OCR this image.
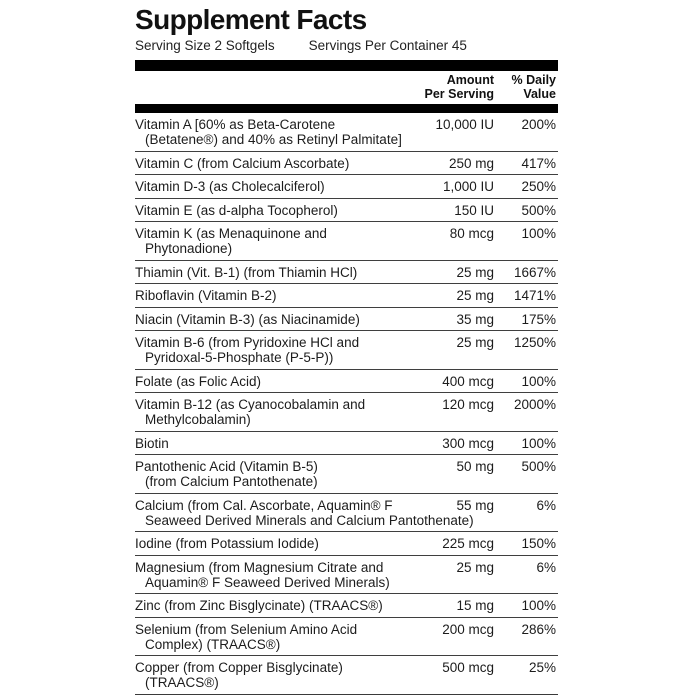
Supplement Facts
Serving Size 2 Softgels	Servings Per Container 45
Amount
Per Serving
% Daily
Value
Vitamin A [60% as Beta-Carotene	10,000 IU	200%
(Betatene®) and 40% as Retinyl Palmitate]
Vitamin C (from Calcium Ascorbate)	250 mg	417%
Vitamin D-3 (as Cholecalciferol)	1,000 IU	250%
Vitamin E (as d-alpha Tocopherol)	150 IU	500%
Vitamin K (as Menaquinone and	80 mcg	100%
Phytonadione)
Thiamin (Vit. B-1) (from Thiamin HCl)	25 mg	1667%
Riboflavin (Vitamin B-2)	25 mg	1471%
Niacin (Vitamin B-3) (as Niacinamide)	35 mg	175%
Vitamin B-6 (from Pyridoxine HCl and	25 mg	1250%
Pyridoxal-5-Phosphate (P-5-P))
Folate (as Folic Acid)	400 mcg	100%
Vitamin B-12 (as Cyanocobalamin and	120 mcg	2000%
Methylcobalamin)
Biotin	300 mcg	100%
Pantothenic Acid (Vitamin B-5)	50 mg	500%
(from Calcium Pantothenate)
Calcium (from Cal. Ascorbate, Aquamin® F	55 mg	6%
Seaweed Derived Minerals and Calcium Pantothenate)
Iodine (from Potassium Iodide)	225 mcg	150%
Magnesium (from Magnesium Citrate and	25 mg	6%
Aquamin® F Seaweed Derived Minerals)
Zinc (from Zinc Bisglycinate) (TRAACS®)	15 mg	100%
Selenium (from Selenium Amino Acid	200 mcg	286%
Complex) (TRAACS®)
Copper (from Copper Bisglycinate)	500 mcg	25%
(TRAACS®)
